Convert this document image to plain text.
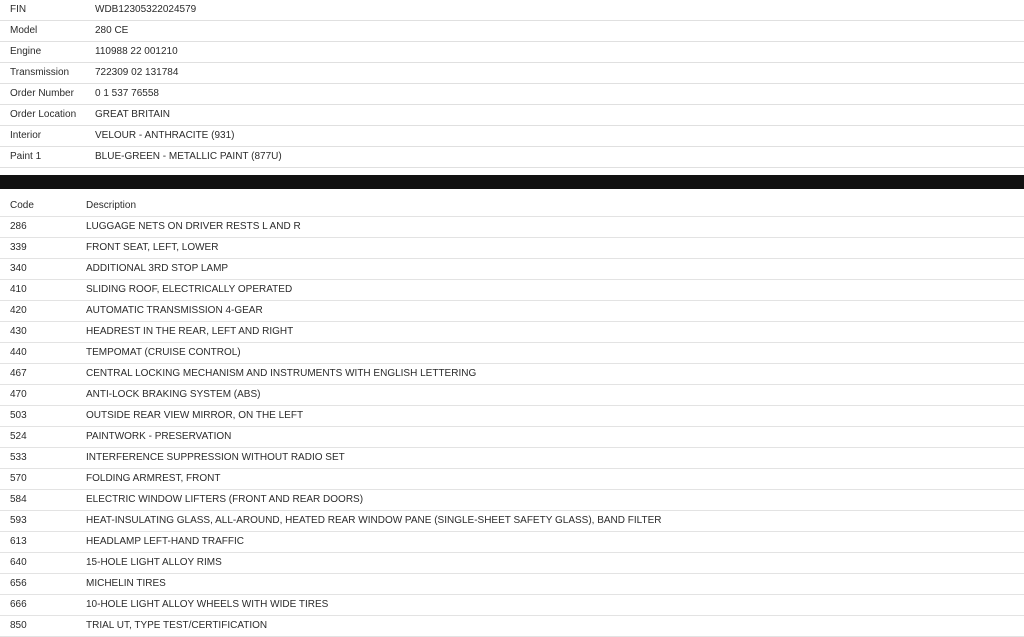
FIN	WDB12305322024579
Model	280 CE
Engine	110988 22 001210
Transmission	722309 02 131784
Order Number	0 1 537 76558
Order Location	GREAT BRITAIN
Interior	VELOUR - ANTHRACITE (931)
Paint 1	BLUE-GREEN - METALLIC PAINT (877U)
Code	Description
286	LUGGAGE NETS ON DRIVER RESTS L AND R
339	FRONT SEAT, LEFT, LOWER
340	ADDITIONAL 3RD STOP LAMP
410	SLIDING ROOF, ELECTRICALLY OPERATED
420	AUTOMATIC TRANSMISSION 4-GEAR
430	HEADREST IN THE REAR, LEFT AND RIGHT
440	TEMPOMAT (CRUISE CONTROL)
467	CENTRAL LOCKING MECHANISM AND INSTRUMENTS WITH ENGLISH LETTERING
470	ANTI-LOCK BRAKING SYSTEM (ABS)
503	OUTSIDE REAR VIEW MIRROR, ON THE LEFT
524	PAINTWORK - PRESERVATION
533	INTERFERENCE SUPPRESSION WITHOUT RADIO SET
570	FOLDING ARMREST, FRONT
584	ELECTRIC WINDOW LIFTERS (FRONT AND REAR DOORS)
593	HEAT-INSULATING GLASS, ALL-AROUND, HEATED REAR WINDOW PANE (SINGLE-SHEET SAFETY GLASS), BAND FILTER
613	HEADLAMP LEFT-HAND TRAFFIC
640	15-HOLE LIGHT ALLOY RIMS
656	MICHELIN TIRES
666	10-HOLE LIGHT ALLOY WHEELS WITH WIDE TIRES
850	TRIAL UT, TYPE TEST/CERTIFICATION
